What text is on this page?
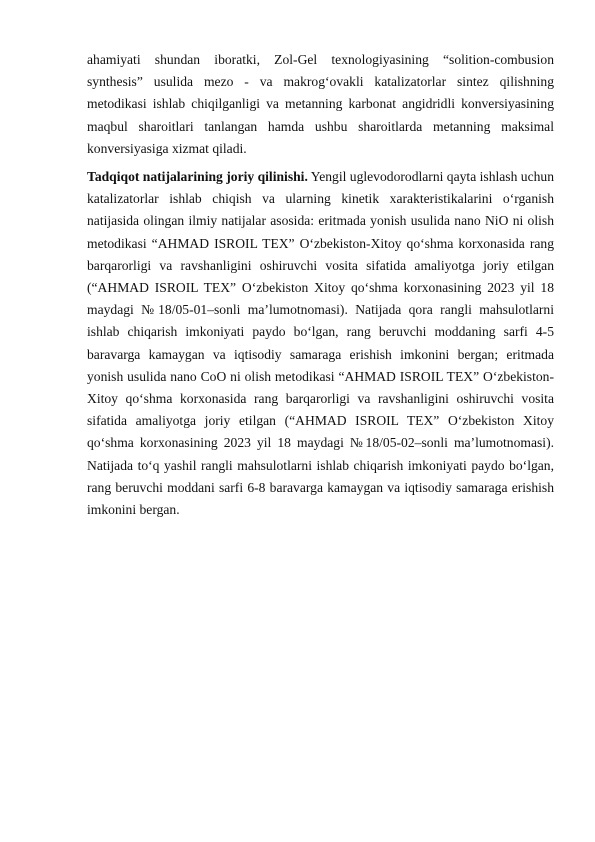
ahamiyati shundan iboratki, Zol-Gel texnologiyasining “solition-combusion synthesis” usulida mezo - va makrog‘ovakli katalizatorlar sintez qilishning metodikasi ishlab chiqilganligi va metanning karbonat angidridli konversiyasining maqbul sharoitlari tanlangan hamda ushbu sharoitlarda metanning maksimal konversiyasiga xizmat qiladi.

Tadqiqot natijalarining joriy qilinishi. Yengil uglevodorodlarni qayta ishlash uchun katalizatorlar ishlab chiqish va ularning kinetik xarakteristikalarini o‘rganish natijasida olingan ilmiy natijalar asosida: eritmada yonish usulida nano NiO ni olish metodikasi “AHMAD ISROIL TEX” O‘zbekiston-Xitoy qo‘shma korxonasida rang barqarorligi va ravshanligini oshiruvchi vosita sifatida amaliyotga joriy etilgan (“AHMAD ISROIL TEX” O‘zbekiston Xitoy qo‘shma korxonasining 2023 yil 18 maydagi №18/05-01–sonli ma’lumotnomasi). Natijada qora rangli mahsulotlarni ishlab chiqarish imkoniyati paydo bo‘lgan, rang beruvchi moddaning sarfi 4-5 baravarga kamaygan va iqtisodiy samaraga erishish imkonini bergan; eritmada yonish usulida nano CoO ni olish metodikasi “AHMAD ISROIL TEX” O‘zbekiston-Xitoy qo‘shma korxonasida rang barqarorligi va ravshanligini oshiruvchi vosita sifatida amaliyotga joriy etilgan (“AHMAD ISROIL TEX” O‘zbekiston Xitoy qo‘shma korxonasining 2023 yil 18 maydagi №18/05-02–sonli ma’lumotnomasi). Natijada to‘q yashil rangli mahsulotlarni ishlab chiqarish imkoniyati paydo bo‘lgan, rang beruvchi moddani sarfi 6-8 baravarga kamaygan va iqtisodiy samaraga erishish imkonini bergan.
